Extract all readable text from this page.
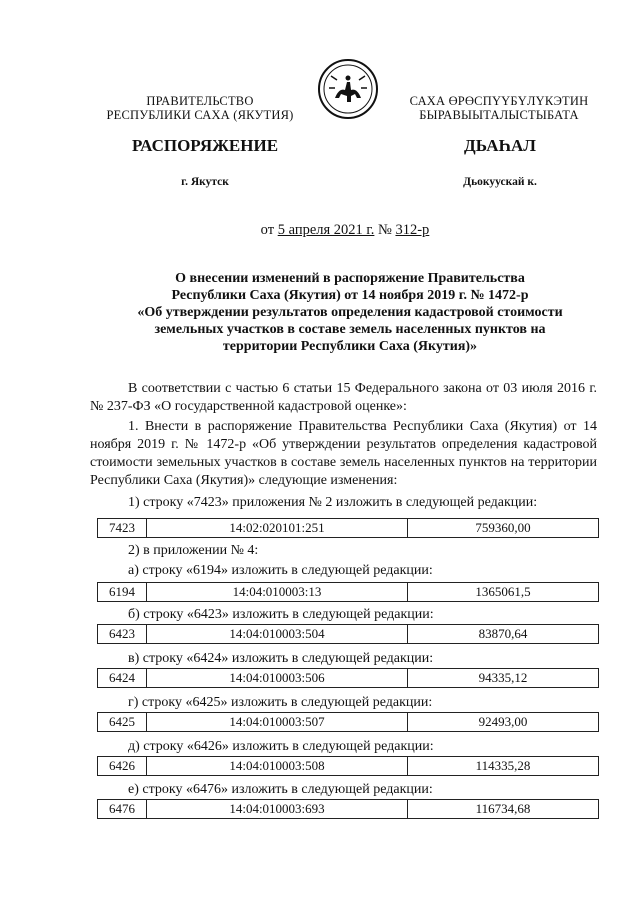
ПРАВИТЕЛЬСТВО
РЕСПУБЛИКИ САХА (ЯКУТИЯ)
САХА ӨРӨСПҮҮБҮЛҮКЭТИН
БЫРАВЫЫТАЛЫСТЫБАТА
РАСПОРЯЖЕНИЕ	ДЬАҺАЛ
г. Якутск	Дьокуускай к.
от 5 апреля 2021 г. № 312-р
О внесении изменений в распоряжение Правительства
Республики Саха (Якутия) от 14 ноября 2019 г. № 1472-р
«Об утверждении результатов определения кадастровой стоимости
земельных участков в составе земель населенных пунктов на
территории Республики Саха (Якутия)»
В соответствии с частью 6 статьи 15 Федерального закона от 03 июля 2016 г. № 237-ФЗ «О государственной кадастровой оценке»:
1. Внести в распоряжение Правительства Республики Саха (Якутия) от 14 ноября 2019 г. № 1472-р «Об утверждении результатов определения кадастровой стоимости земельных участков в составе земель населенных пунктов на территории Республики Саха (Якутия)» следующие изменения:
1) строку «7423» приложения № 2 изложить в следующей редакции:
7423	14:02:020101:251	759360,00
2) в приложении № 4:
а) строку «6194» изложить в следующей редакции:
6194	14:04:010003:13	1365061,5
б) строку «6423» изложить в следующей редакции:
6423	14:04:010003:504	83870,64
в) строку «6424» изложить в следующей редакции:
6424	14:04:010003:506	94335,12
г) строку «6425» изложить в следующей редакции:
6425	14:04:010003:507	92493,00
д) строку «6426» изложить в следующей редакции:
6426	14:04:010003:508	114335,28
е) строку «6476» изложить в следующей редакции:
6476	14:04:010003:693	116734,68
